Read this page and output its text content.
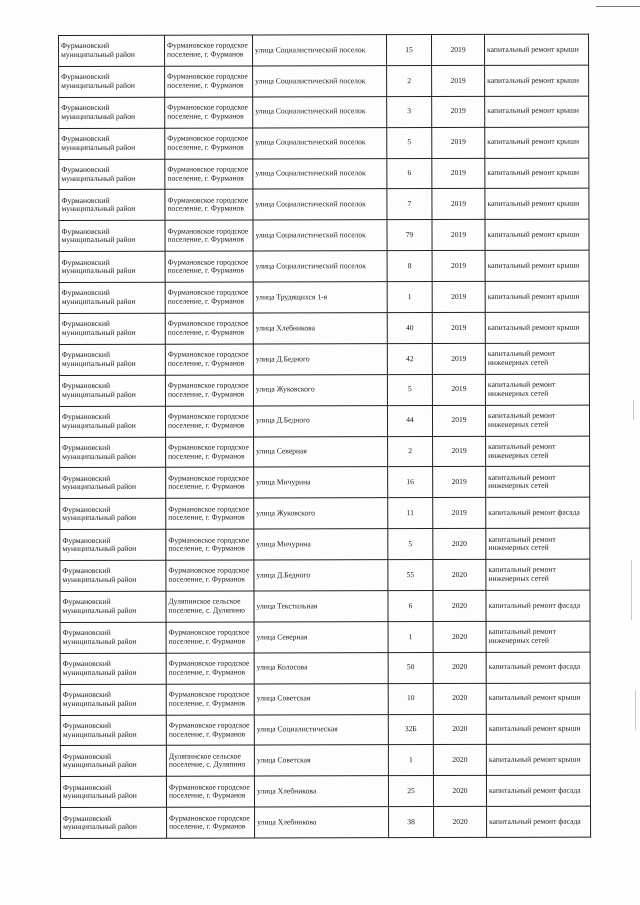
Фурмановский муниципальный район	Фурмановское городское поселение, г. Фурманов	улица Социалистический поселок	15	2019	капитальный ремонт крыши
Фурмановский муниципальный район	Фурмановское городское поселение, г. Фурманов	улица Социалистический поселок	2	2019	капитальный ремонт крыши
Фурмановский муниципальный район	Фурмановское городское поселение, г. Фурманов	улица Социалистический поселок	3	2019	капитальный ремонт крыши
Фурмановский муниципальный район	Фурмановское городское поселение, г. Фурманов	улица Социалистический поселок	5	2019	капитальный ремонт крыши
Фурмановский муниципальный район	Фурмановское городское поселение, г. Фурманов	улица Социалистический поселок	6	2019	капитальный ремонт крыши
Фурмановский муниципальный район	Фурмановское городское поселение, г. Фурманов	улица Социалистический поселок	7	2019	капитальный ремонт крыши
Фурмановский муниципальный район	Фурмановское городское поселение, г. Фурманов	улица Социалистический поселок	79	2019	капитальный ремонт крыши
Фурмановский муниципальный район	Фурмановское городское поселение, г. Фурманов	улица Социалистический поселок	8	2019	капитальный ремонт крыши
Фурмановский муниципальный район	Фурмановское городское поселение, г. Фурманов	улица Трудящихся 1-я	1	2019	капитальный ремонт крыши
Фурмановский муниципальный район	Фурмановское городское поселение, г. Фурманов	улица Хлебникова	40	2019	капитальный ремонт крыши
Фурмановский муниципальный район	Фурмановское городское поселение, г. Фурманов	улица Д.Бедного	42	2019	капитальный ремонт инженерных сетей
Фурмановский муниципальный район	Фурмановское городское поселение, г. Фурманов	улица Жуковского	5	2019	капитальный ремонт инженерных сетей
Фурмановский муниципальный район	Фурмановское городское поселение, г. Фурманов	улица Д.Бедного	44	2019	капитальный ремонт инженерных сетей
Фурмановский муниципальный район	Фурмановское городское поселение, г. Фурманов	улица Северная	2	2019	капитальный ремонт инженерных сетей
Фурмановский муниципальный район	Фурмановское городское поселение, г. Фурманов	улица Мичурина	16	2019	капитальный ремонт инженерных сетей
Фурмановский муниципальный район	Фурмановское городское поселение, г. Фурманов	улица Жуковского	11	2019	капитальный ремонт фасада
Фурмановский муниципальный район	Фурмановское городское поселение, г. Фурманов	улица Мичурина	5	2020	капитальный ремонт инженерных сетей
Фурмановский муниципальный район	Фурмановское городское поселение, г. Фурманов	улица Д.Бедного	55	2020	капитальный ремонт инженерных сетей
Фурмановский муниципальный район	Дуляпинское сельское поселение, с. Дуляпино	улица Текстильная	6	2020	капитальный ремонт фасада
Фурмановский муниципальный район	Фурмановское городское поселение, г. Фурманов	улица Северная	1	2020	капитальный ремонт инженерных сетей
Фурмановский муниципальный район	Фурмановское городское поселение, г. Фурманов	улица Колосова	50	2020	капитальный ремонт фасада
Фурмановский муниципальный район	Фурмановское городское поселение, г. Фурманов	улица Советская	10	2020	капитальный ремонт крыши
Фурмановский муниципальный район	Фурмановское городское поселение, г. Фурманов	улица Социалистическая	32Б	2020	капитальный ремонт крыши
Фурмановский муниципальный район	Дуляпинское сельское поселение, с. Дуляпино	улица Советская	1	2020	капитальный ремонт крыши
Фурмановский муниципальный район	Фурмановское городское поселение, г. Фурманов	улица Хлебникова	25	2020	капитальный ремонт фасада
Фурмановский муниципальный район	Фурмановское городское поселение, г. Фурманов	улица Хлебникова	38	2020	капитальный ремонт фасада
